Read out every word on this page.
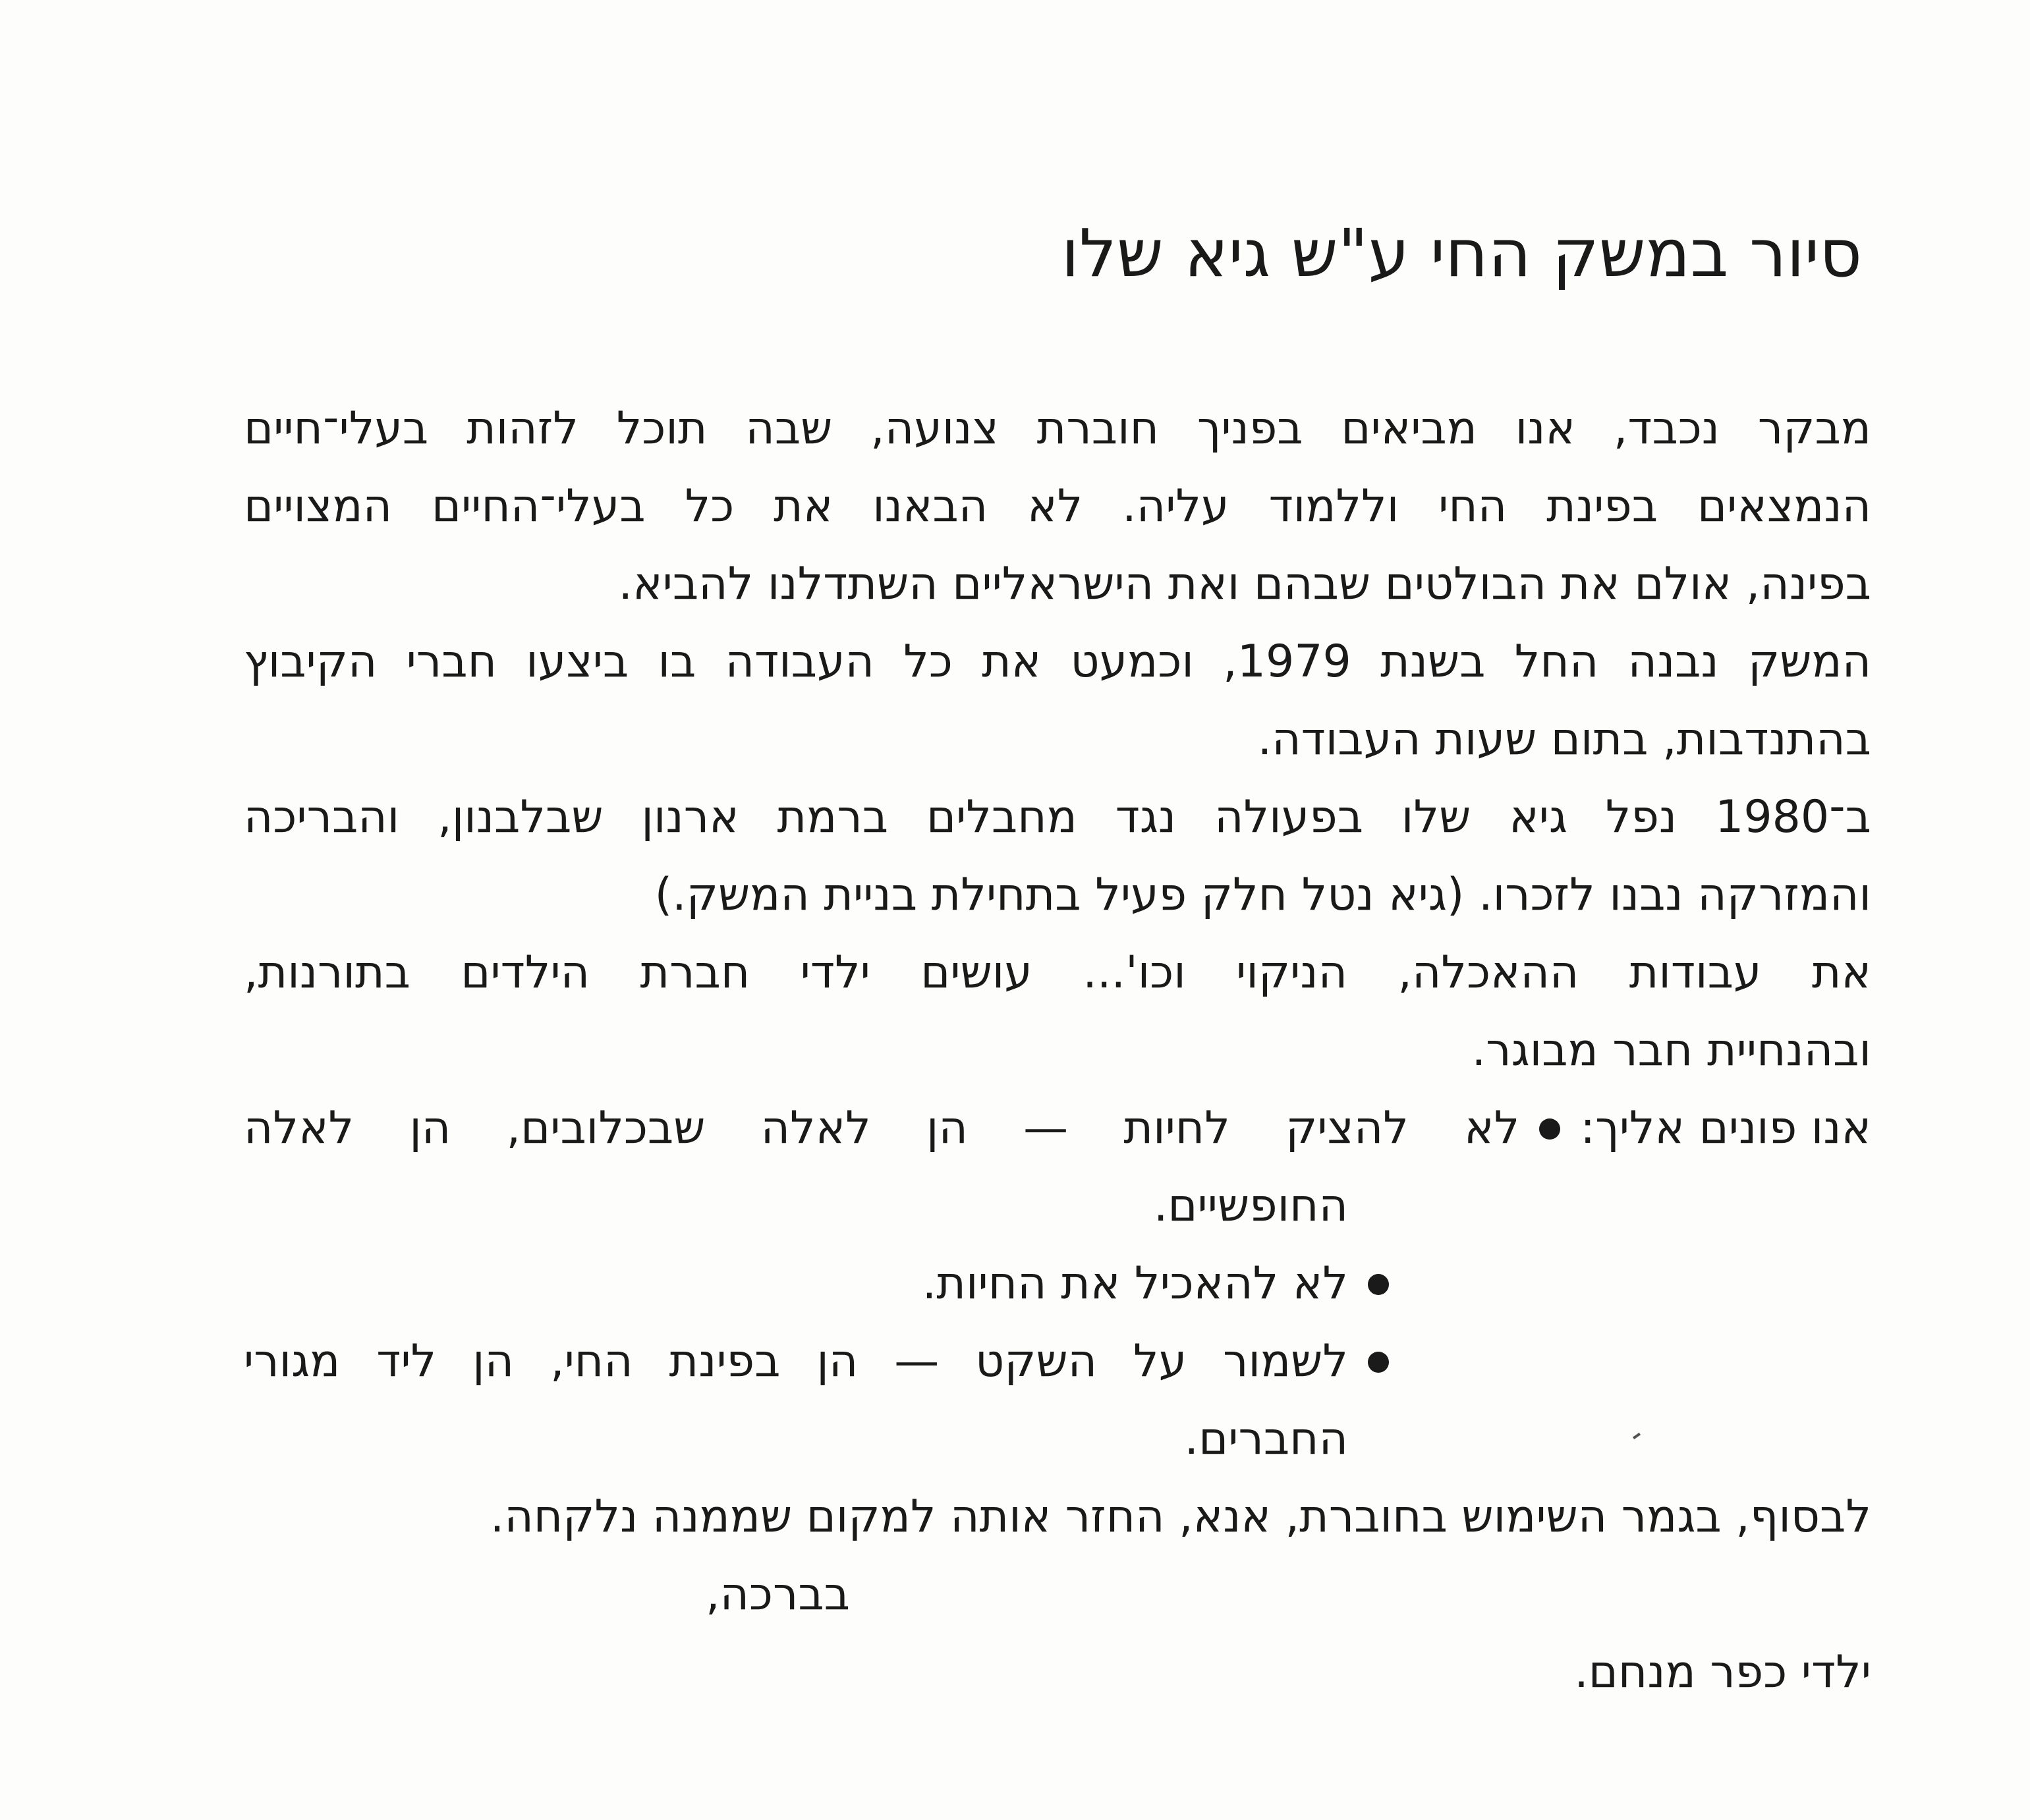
סיור במשק החי ע"ש גיא שלו
מבקר נכבד, אנו מביאים בפניך חוברת צנועה, שבה תוכל לזהות בעלי־חיים
הנמצאים בפינת החי וללמוד עליה. לא הבאנו את כל בעלי־החיים המצויים
בפינה, אולם את הבולטים שבהם ואת הישראליים השתדלנו להביא.
המשק נבנה החל בשנת 1979, וכמעט את כל העבודה בו ביצעו חברי הקיבוץ
בהתנדבות, בתום שעות העבודה.
ב־1980 נפל גיא שלו בפעולה נגד מחבלים ברמת ארנון שבלבנון, והבריכה
והמזרקה נבנו לזכרו. (גיא נטל חלק פעיל בתחילת בניית המשק.)
את עבודות ההאכלה, הניקוי וכו'... עושים ילדי חברת הילדים בתורנות,
ובהנחיית חבר מבוגר.
אנו פונים אליך:
לא להציק לחיות — הן לאלה שבכלובים, הן לאלה
החופשיים.
לא להאכיל את החיות.
לשמור על השקט — הן בפינת החי, הן ליד מגורי
החברים.
לבסוף, בגמר השימוש בחוברת, אנא, החזר אותה למקום שממנה נלקחה.
בברכה,
ילדי כפר מנחם.
